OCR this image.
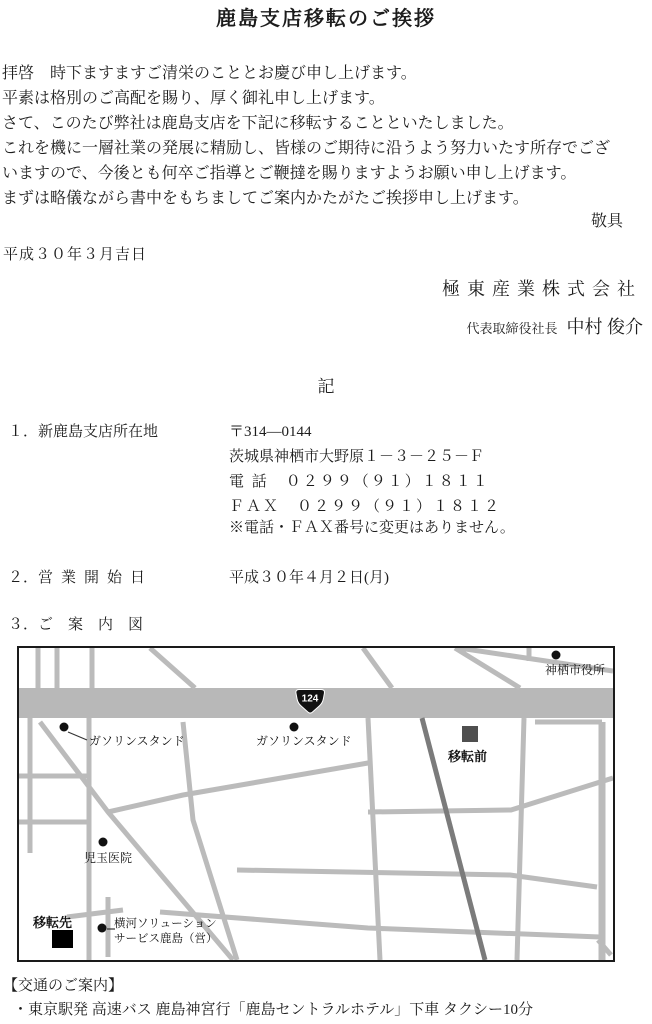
鹿島支店移転のご挨拶
拝啓　時下ますますご清栄のこととお慶び申し上げます。
平素は格別のご高配を賜り、厚く御礼申し上げます。
さて、このたび弊社は鹿島支店を下記に移転することといたしました。
これを機に一層社業の発展に精励し、皆様のご期待に沿うよう努力いたす所存でござ
いますので、今後とも何卒ご指導とご鞭撻を賜りますようお願い申し上げます。
まずは略儀ながら書中をもちましてご案内かたがたご挨拶申し上げます。
敬具
平成３０年３月吉日
極東産業株式会社
代表取締役社長 中村 俊介
記
１．新鹿島支店所在地	〒314—0144
茨城県神栖市大野原１－３－２５－Ｆ
電 話　０２９９（９１）１８１１
ＦＡＸ　０２９９（９１）１８１２
※電話・ＦＡＸ番号に変更はありません。
２．営業開始日	平成３０年４月２日(月)
３．ご案内図
124
神栖市役所
ガソリンスタンド	ガソリンスタンド
移転前
児玉医院
横河ソリューション
サービス鹿島（営）
移転先
【交通のご案内】
・東京駅発 高速バス 鹿島神宮行「鹿島セントラルホテル」下車 タクシー10分
